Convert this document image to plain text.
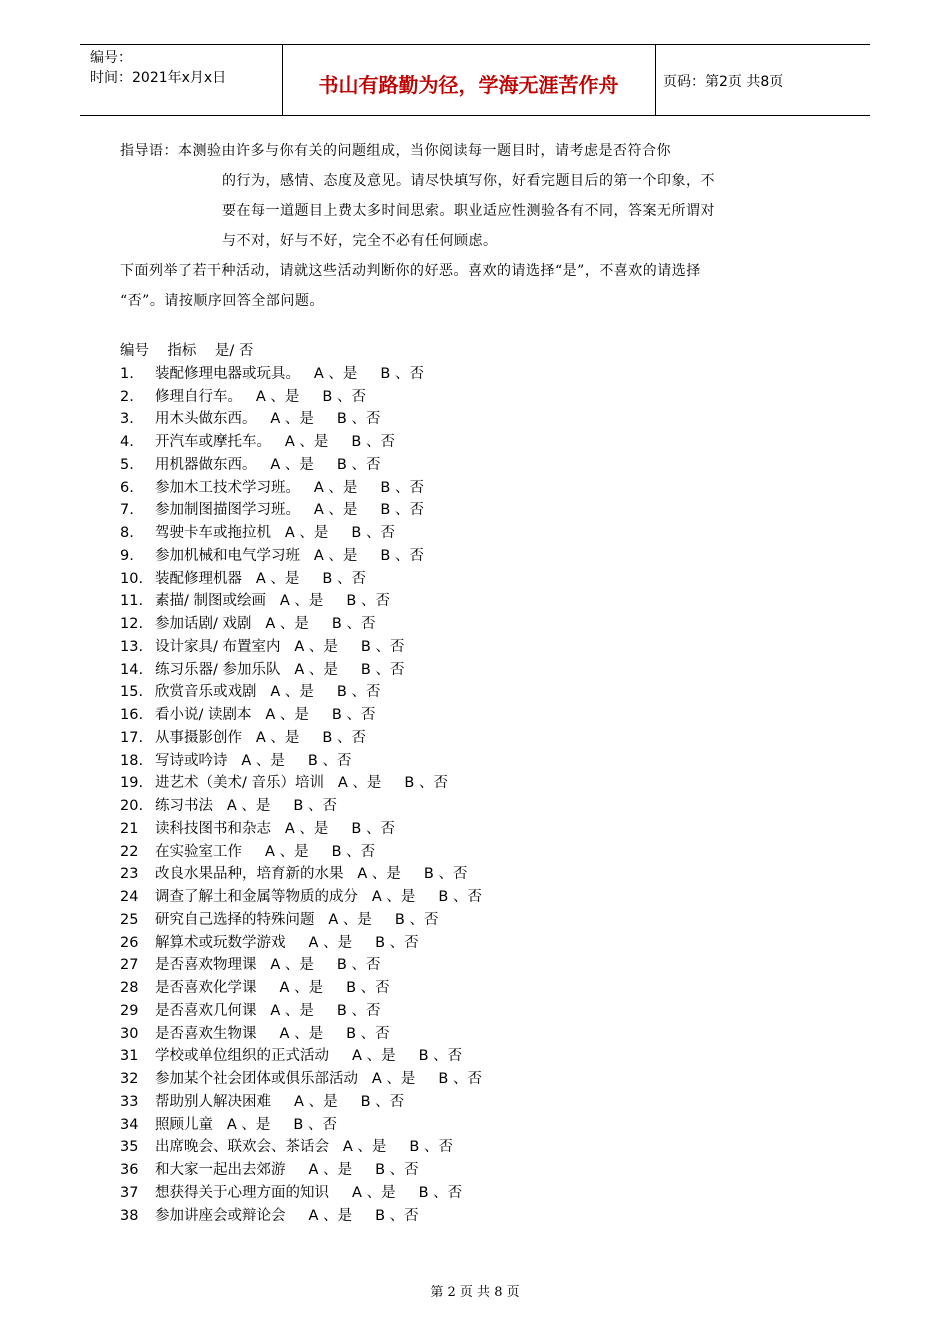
编号：
时间：2021年x月x日	书山有路勤为径，学海无涯苦作舟	页码：第2页 共8页
指导语：本测验由许多与你有关的问题组成，当你阅读每一题目时，请考虑是否符合你
的行为，感情、态度及意见。请尽快填写你，好看完题目后的第一个印象，不
要在每一道题目上费太多时间思索。职业适应性测验各有不同，答案无所谓对
与不对，好与不好，完全不必有任何顾虑。
下面列举了若干种活动，请就这些活动判断你的好恶。喜欢的请选择“是”，不喜欢的请选择
“否”。请按顺序回答全部问题。
编号    指标    是/ 否
1. 装配修理电器或玩具。   A 、是     B 、否
2. 修理自行车。   A 、是     B 、否
3. 用木头做东西。   A 、是     B 、否
4. 开汽车或摩托车。   A 、是     B 、否
5. 用机器做东西。   A 、是     B 、否
6. 参加木工技术学习班。   A 、是     B 、否
7. 参加制图描图学习班。   A 、是     B 、否
8. 驾驶卡车或拖拉机   A 、是     B 、否
9. 参加机械和电气学习班   A 、是     B 、否
10. 装配修理机器   A 、是     B 、否
11. 素描/ 制图或绘画   A 、是     B 、否
12. 参加话剧/ 戏剧   A 、是     B 、否
13. 设计家具/ 布置室内   A 、是     B 、否
14. 练习乐器/ 参加乐队   A 、是     B 、否
15. 欣赏音乐或戏剧   A 、是     B 、否
16. 看小说/ 读剧本   A 、是     B 、否
17. 从事摄影创作   A 、是     B 、否
18. 写诗或吟诗   A 、是     B 、否
19. 进艺术（美术/ 音乐）培训   A 、是     B 、否
20. 练习书法   A 、是     B 、否
21 读科技图书和杂志   A 、是     B 、否
22 在实验室工作     A 、是     B 、否
23 改良水果品种，培育新的水果   A 、是     B 、否
24 调查了解土和金属等物质的成分   A 、是     B 、否
25 研究自己选择的特殊问题   A 、是     B 、否
26 解算术或玩数学游戏     A 、是     B 、否
27 是否喜欢物理课   A 、是     B 、否
28 是否喜欢化学课     A 、是     B 、否
29 是否喜欢几何课   A 、是     B 、否
30 是否喜欢生物课     A 、是     B 、否
31 学校或单位组织的正式活动     A 、是     B 、否
32 参加某个社会团体或俱乐部活动   A 、是     B 、否
33 帮助别人解决困难     A 、是     B 、否
34 照顾儿童   A 、是     B 、否
35 出席晚会、联欢会、茶话会   A 、是     B 、否
36 和大家一起出去郊游     A 、是     B 、否
37 想获得关于心理方面的知识     A 、是     B 、否
38 参加讲座会或辩论会     A 、是     B 、否
第 2 页 共 8 页
